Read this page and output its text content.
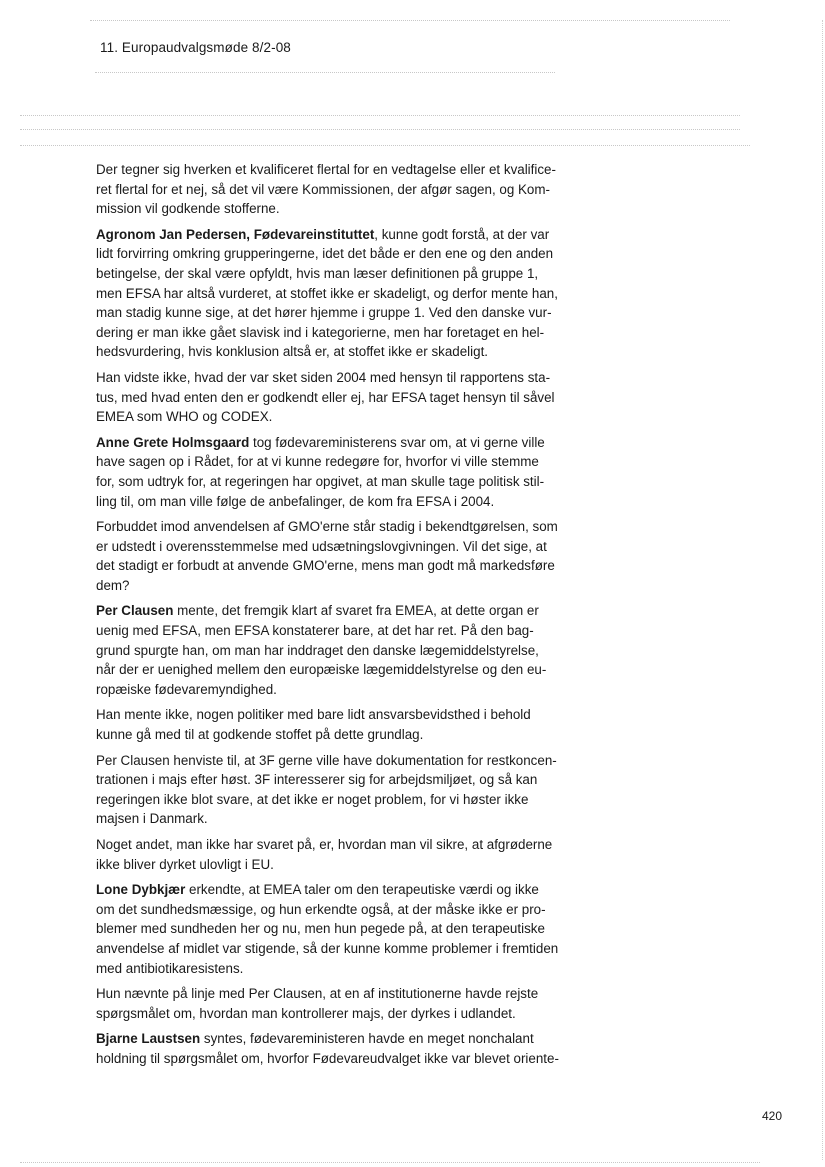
11. Europaudvalgsmøde 8/2-08

Der tegner sig hverken et kvalificeret flertal for en vedtagelse eller et kvalifice-
ret flertal for et nej, så det vil være Kommissionen, der afgør sagen, og Kom-
mission vil godkende stofferne.

Agronom Jan Pedersen, Fødevareinstituttet, kunne godt forstå, at der var
lidt forvirring omkring grupperingerne, idet det både er den ene og den anden
betingelse, der skal være opfyldt, hvis man læser definitionen på gruppe 1,
men EFSA har altså vurderet, at stoffet ikke er skadeligt, og derfor mente han,
man stadig kunne sige, at det hører hjemme i gruppe 1. Ved den danske vur-
dering er man ikke gået slavisk ind i kategorierne, men har foretaget en hel-
hedsvurdering, hvis konklusion altså er, at stoffet ikke er skadeligt.

Han vidste ikke, hvad der var sket siden 2004 med hensyn til rapportens sta-
tus, med hvad enten den er godkendt eller ej, har EFSA taget hensyn til såvel
EMEA som WHO og CODEX.

Anne Grete Holmsgaard tog fødevareministerens svar om, at vi gerne ville
have sagen op i Rådet, for at vi kunne redegøre for, hvorfor vi ville stemme
for, som udtryk for, at regeringen har opgivet, at man skulle tage politisk stil-
ling til, om man ville følge de anbefalinger, de kom fra EFSA i 2004.

Forbuddet imod anvendelsen af GMO'erne står stadig i bekendtgørelsen, som
er udstedt i overensstemmelse med udsætningslovgivningen. Vil det sige, at
det stadigt er forbudt at anvende GMO'erne, mens man godt må markedsføre
dem?

Per Clausen mente, det fremgik klart af svaret fra EMEA, at dette organ er
uenig med EFSA, men EFSA konstaterer bare, at det har ret. På den bag-
grund spurgte han, om man har inddraget den danske lægemiddelstyrelse,
når der er uenighed mellem den europæiske lægemiddelstyrelse og den eu-
ropæiske fødevaremyndighed.

Han mente ikke, nogen politiker med bare lidt ansvarsbevidsthed i behold
kunne gå med til at godkende stoffet på dette grundlag.

Per Clausen henviste til, at 3F gerne ville have dokumentation for restkoncen-
trationen i majs efter høst. 3F interesserer sig for arbejdsmiljøet, og så kan
regeringen ikke blot svare, at det ikke er noget problem, for vi høster ikke
majsen i Danmark.

Noget andet, man ikke har svaret på, er, hvordan man vil sikre, at afgrøderne
ikke bliver dyrket ulovligt i EU.

Lone Dybkjær erkendte, at EMEA taler om den terapeutiske værdi og ikke
om det sundhedsmæssige, og hun erkendte også, at der måske ikke er pro-
blemer med sundheden her og nu, men hun pegede på, at den terapeutiske
anvendelse af midlet var stigende, så der kunne komme problemer i fremtiden
med antibiotikaresistens.

Hun nævnte på linje med Per Clausen, at en af institutionerne havde rejste
spørgsmålet om, hvordan man kontrollerer majs, der dyrkes i udlandet.

Bjarne Laustsen syntes, fødevareministeren havde en meget nonchalant
holdning til spørgsmålet om, hvorfor Fødevareudvalget ikke var blevet oriente-

420
